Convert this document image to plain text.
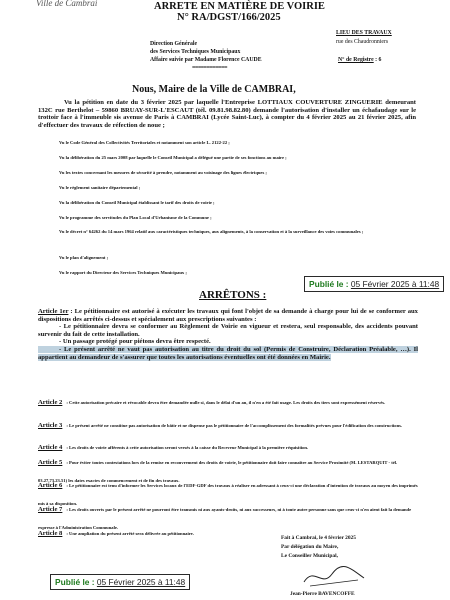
Ville de Cambrai	ARRETE EN MATIÈRE DE VOIRIE
N° RA/DGST/166/2025
LIEU DES TRAVAUX
rue des Chaudronniers
Direction Générale
des Services Techniques Municipaux
Affaire suivie par Madame Florence CAUDE	N° de Registre : 6
============
Nous, Maire de la Ville de CAMBRAI,
Vu la pétition en date du 3 février 2025 par laquelle l'Entreprise LOTTIAUX COUVERTURE ZINGUERIE demeurant 132C rue Berthelot – 59860 BRUAY-SUR-L'ESCAUT (tél. 09.81.98.82.80) demande l'autorisation d'installer un échafaudage sur le trottoir face à l'immeuble sis avenue de Paris à CAMBRAI (Lycée Saint-Luc), à compter du 4 février 2025 au 21 février 2025, afin d'effectuer des travaux de réfection de noue ;
Vu le Code Général des Collectivités Territoriales et notamment son article L. 2122-22 ;
Vu la délibération du 25 mars 2008 par laquelle le Conseil Municipal a délégué une partie de ses fonctions au maire ;
Vu les textes concernant les mesures de sécurité à prendre, notamment au voisinage des lignes électriques ;
Vu le règlement sanitaire départemental ;
Vu la délibération du Conseil Municipal établissant le tarif des droits de voirie ;
Vu le programme des servitudes du Plan Local d'Urbanisme de la Commune ;
Vu le décret n° 64262 du 14 mars 1964 relatif aux caractéristiques techniques, aux alignements, à la conservation et à la surveillance des voies communales ;
Vu le plan d'alignement ;
Vu le rapport du Directeur des Services Techniques Municipaux ;
Publié le : 05 Février 2025 à 11:48
ARRÊTONS :
Article 1er : Le pétitionnaire est autorisé à exécuter les travaux qui font l'objet de sa demande à charge pour lui de se conformer aux dispositions des arrêtés ci-dessus et spécialement aux prescriptions suivantes :
- Le pétitionnaire devra se conformer au Règlement de Voirie en vigueur et restera, seul responsable, des accidents pouvant survenir du fait de cette installation.
- Un passage protégé pour piétons devra être respecté.
- Le présent arrêté ne vaut pas autorisation au titre du droit du sol (Permis de Construire, Déclaration Préalable, …). Il appartient au demandeur de s'assurer que toutes les autorisations éventuelles ont été données en Mairie.
Article 2 : Cette autorisation précaire et révocable devra être demandée nulle si, dans le délai d'un an, il n'en a été fait usage. Les droits des tiers sont expressément réservés.
Article 3 : Le présent arrêté ne constitue pas autorisation de bâtir et ne dispense pas le pétitionnaire de l'accomplissement des formalités prévues pour l'édification des constructions.
Article 4 : Les droits de voirie afférents à cette autorisation seront versés à la caisse du Receveur Municipal à la première réquisition.
Article 5 : Pour éviter toutes contestations lors de la remise en recouvrement des droits de voirie, le pétitionnaire doit faire connaître au Service Proximité (M. LESTARQUIT - tél. 03.27.73.23.51) les dates exactes de commencement et de fin des travaux.
Article 6 : Le pétitionnaire est tenu d'informer les Services locaux de l'EDF-GDF des travaux à réaliser en adressant à ceux-ci une déclaration d'intention de travaux au moyen des imprimés mis à sa disposition.
Article 7 : Les droits ouverts par le présent arrêté ne pourront être transmis ni aux ayants-droits, ni aux successeurs, ni à toute autre personne sans que ceux-ci n'en aient fait la demande expresse à l'Administration Communale.
Article 8 : Une ampliation du présent arrêté sera délivrée au pétitionnaire.
Fait à Cambrai, le 4 février 2025
Par délégation du Maire,
Le Conseiller Municipal,
Jean-Pierre BAVENCOFFE
Publié le : 05 Février 2025 à 11:48
